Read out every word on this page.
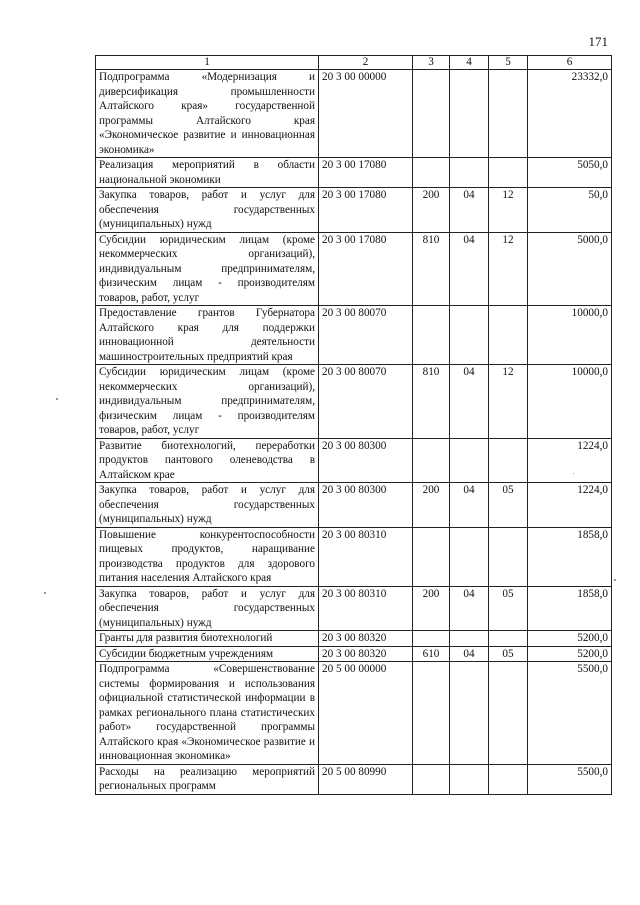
171
1	2	3	4	5	6
Подпрограмма «Модернизация и диверсификация промышленности Алтайского края» государственной программы Алтайского края «Экономическое развитие и инновационная экономика»	20 3 00 00000				23332,0
Реализация мероприятий в области национальной экономики	20 3 00 17080				5050,0
Закупка товаров, работ и услуг для обеспечения государственных (муниципальных) нужд	20 3 00 17080	200	04	12	50,0
Субсидии юридическим лицам (кроме некоммерческих организаций), индивидуальным предпринимателям, физическим лицам - производителям товаров, работ, услуг	20 3 00 17080	810	04	12	5000,0
Предоставление грантов Губернатора Алтайского края для поддержки инновационной деятельности машиностроительных предприятий края	20 3 00 80070				10000,0
Субсидии юридическим лицам (кроме некоммерческих организаций), индивидуальным предпринимателям, физическим лицам - производителям товаров, работ, услуг	20 3 00 80070	810	04	12	10000,0
Развитие биотехнологий, переработки продуктов пантового оленеводства в Алтайском крае	20 3 00 80300				1224,0
Закупка товаров, работ и услуг для обеспечения государственных (муниципальных) нужд	20 3 00 80300	200	04	05	1224,0
Повышение конкурентоспособности пищевых продуктов, наращивание производства продуктов для здорового питания населения Алтайского края	20 3 00 80310				1858,0
Закупка товаров, работ и услуг для обеспечения государственных (муниципальных) нужд	20 3 00 80310	200	04	05	1858,0
Гранты для развития биотехнологий	20 3 00 80320				5200,0
Субсидии бюджетным учреждениям	20 3 00 80320	610	04	05	5200,0
Подпрограмма «Совершенствование системы формирования и использования официальной статистической информации в рамках регионального плана статистических работ» государственной программы Алтайского края «Экономическое развитие и инновационная экономика»	20 5 00 00000				5500,0
Расходы на реализацию мероприятий региональных программ	20 5 00 80990				5500,0
